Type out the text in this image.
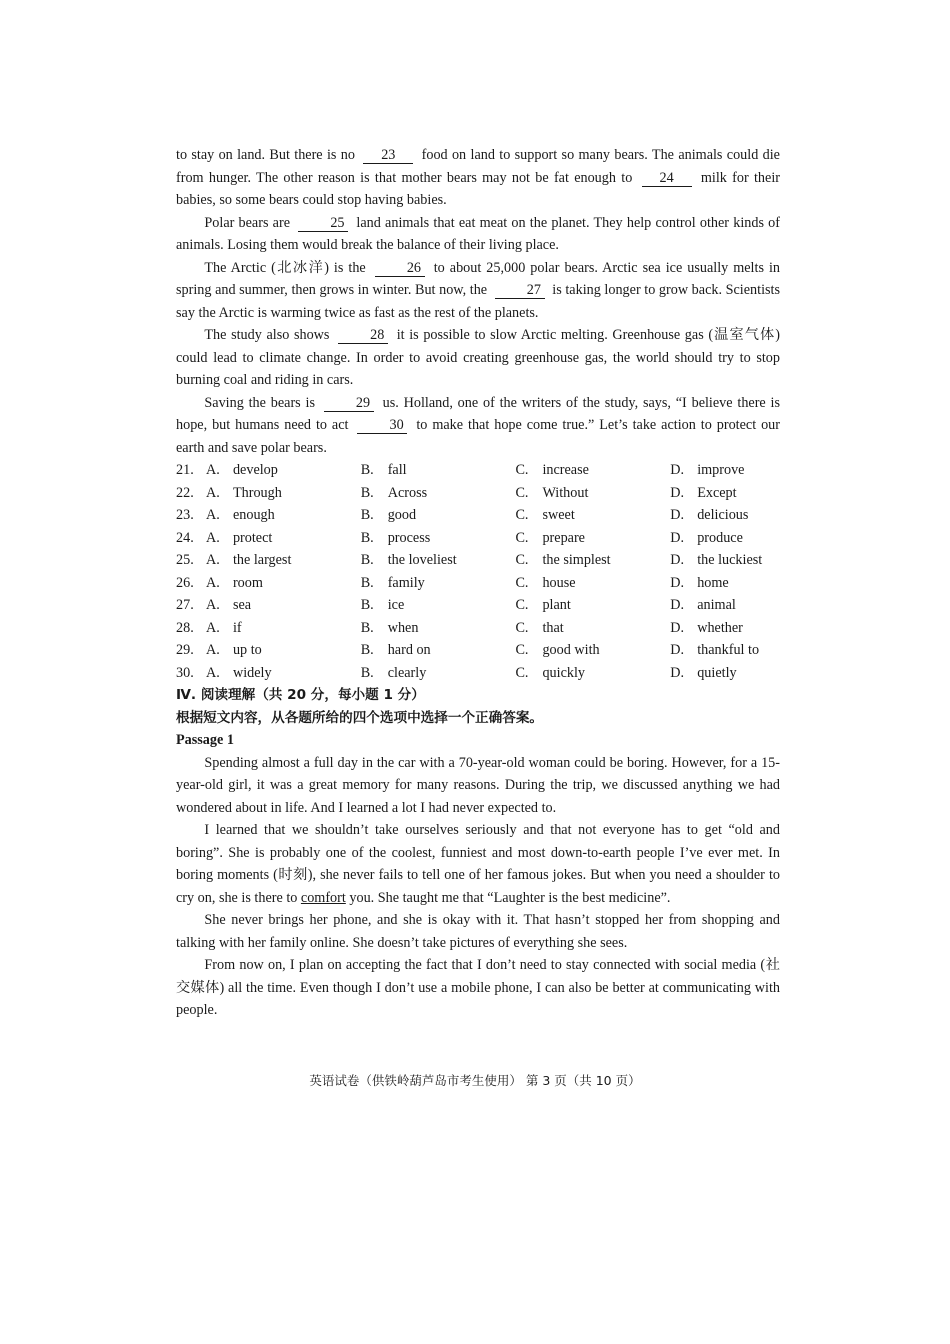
to stay on land. But there is no 23 food on land to support so many bears. The animals could die from hunger. The other reason is that mother bears may not be fat enough to 24 milk for their babies, so some bears could stop having babies.

Polar bears are	25 land animals that eat meat on the planet. They help control other kinds of animals. Losing them would break the balance of their living place.

The Arctic (北冰洋) is the	26 to about 25,000 polar bears. Arctic sea ice usually melts in spring and summer, then grows in winter. But now, the	27 is taking longer to grow back. Scientists say the Arctic is warming twice as fast as the rest of the planets.

The study also shows	28 it is possible to slow Arctic melting. Greenhouse gas (温室气体) could lead to climate change. In order to avoid creating greenhouse gas, the world should try to stop burning coal and riding in cars.

Saving the bears is	29 us. Holland, one of the writers of the study, says, “I believe there is hope, but humans need to act	30 to make that hope come true.” Let’s take action to protect our earth and save polar bears.

21. A. develop	B. fall	C. increase	D. improve
22. A. Through	B. Across	C. Without	D. Except
23. A. enough	B. good	C. sweet	D. delicious
24. A. protect	B. process	C. prepare	D. produce
25. A. the largest	B. the loveliest	C. the simplest	D. the luckiest
26. A. room	B. family	C. house	D. home
27. A. sea	B. ice	C. plant	D. animal
28. A. if	B. when	C. that	D. whether
29. A. up to	B. hard on	C. good with	D. thankful to
30. A. widely	B. clearly	C. quickly	D. quietly
Ⅳ. 阅读理解（共 20 分，每小题 1 分）
根据短文内容，从各题所给的四个选项中选择一个正确答案。
Passage 1

Spending almost a full day in the car with a 70-year-old woman could be boring. However, for a 15-year-old girl, it was a great memory for many reasons. During the trip, we discussed anything we had wondered about in life. And I learned a lot I had never expected to.

I learned that we shouldn’t take ourselves seriously and that not everyone has to get “old and boring”. She is probably one of the coolest, funniest and most down-to-earth people I’ve ever met. In boring moments (时刻), she never fails to tell one of her famous jokes. But when you need a shoulder to cry on, she is there to comfort you. She taught me that “Laughter is the best medicine”.

She never brings her phone, and she is okay with it. That hasn’t stopped her from shopping and talking with her family online. She doesn’t take pictures of everything she sees.

From now on, I plan on accepting the fact that I don’t need to stay connected with social media (社交媒体) all the time. Even though I don’t use a mobile phone, I can also be better at communicating with people.

英语试卷（供铁岭葫芦岛市考生使用） 第 3 页（共 10 页）
